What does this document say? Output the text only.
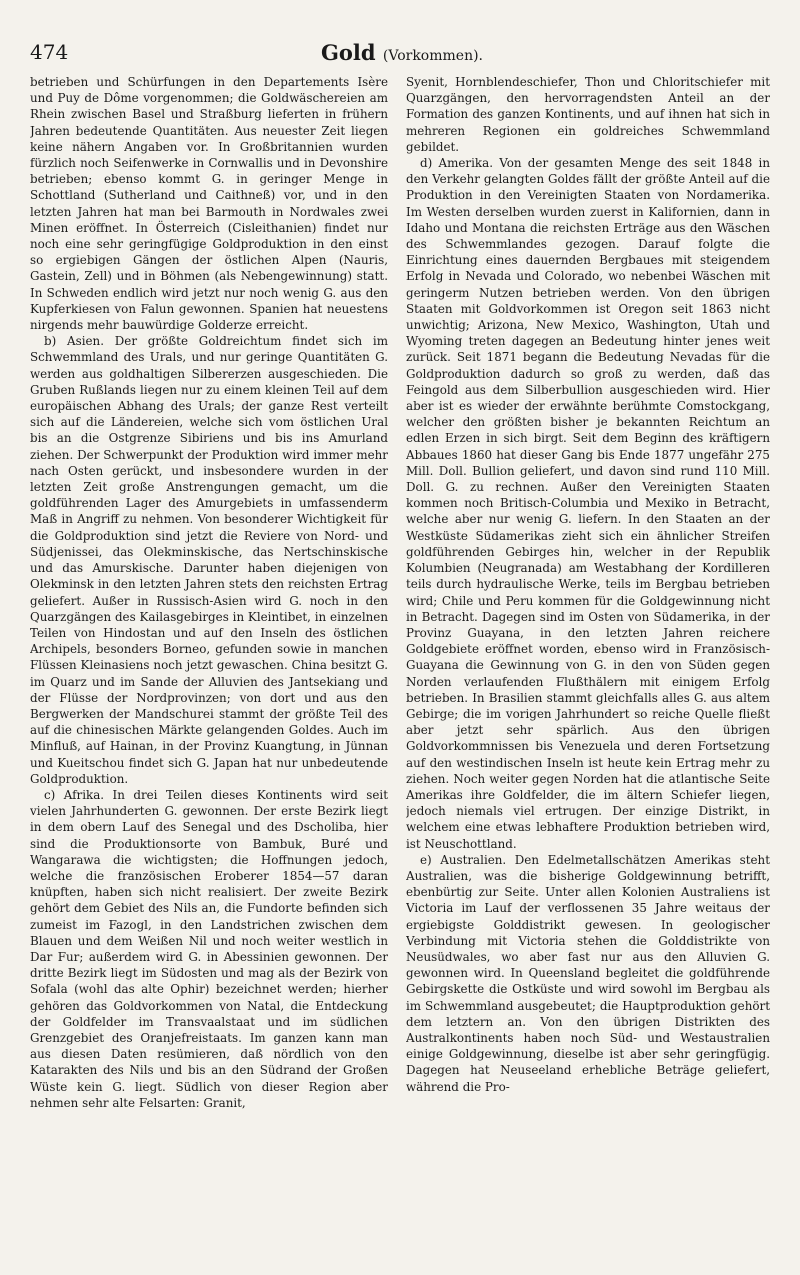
474	Gold (Vorkommen).

betrieben und Schürfungen in den Departements Isère und Puy de Dôme vorgenommen; die Goldwäschereien am Rhein zwischen Basel und Straßburg lieferten in frühern Jahren bedeutende Quantitäten. Aus neuester Zeit liegen keine nähern Angaben vor. In Großbritannien wurden fürzlich noch Seifenwerke in Cornwallis und in Devonshire betrieben; ebenso kommt G. in geringer Menge in Schottland (Sutherland und Caithneß) vor, und in den letzten Jahren hat man bei Barmouth in Nordwales zwei Minen eröffnet. In Österreich (Cisleithanien) findet nur noch eine sehr geringfügige Goldproduktion in den einst so ergiebigen Gängen der östlichen Alpen (Nauris, Gastein, Zell) und in Böhmen (als Nebengewinnung) statt. In Schweden endlich wird jetzt nur noch wenig G. aus den Kupferkiesen von Falun gewonnen. Spanien hat neuestens nirgends mehr bauwürdige Golderze erreicht.

b) Asien. Der größte Goldreichtum findet sich im Schwemmland des Urals, und nur geringe Quantitäten G. werden aus goldhaltigen Silbererzen ausgeschieden. Die Gruben Rußlands liegen nur zu einem kleinen Teil auf dem europäischen Abhang des Urals; der ganze Rest verteilt sich auf die Ländereien, welche sich vom östlichen Ural bis an die Ostgrenze Sibiriens und bis ins Amurland ziehen. Der Schwerpunkt der Produktion wird immer mehr nach Osten gerückt, und insbesondere wurden in der letzten Zeit große Anstrengungen gemacht, um die goldführenden Lager des Amurgebiets in umfassenderm Maß in Angriff zu nehmen. Von besonderer Wichtigkeit für die Goldproduktion sind jetzt die Reviere von Nord- und Südjenissei, das Olekminskische, das Nertschinskische und das Amurskische. Darunter haben diejenigen von Olekminsk in den letzten Jahren stets den reichsten Ertrag geliefert. Außer in Russisch-Asien wird G. noch in den Quarzgängen des Kailasgebirges in Kleintibet, in einzelnen Teilen von Hindostan und auf den Inseln des östlichen Archipels, besonders Borneo, gefunden sowie in manchen Flüssen Kleinasiens noch jetzt gewaschen. China besitzt G. im Quarz und im Sande der Alluvien des Jantsekiang und der Flüsse der Nordprovinzen; von dort und aus den Bergwerken der Mandschurei stammt der größte Teil des auf die chinesischen Märkte gelangenden Goldes. Auch im Minfluß, auf Hainan, in der Provinz Kuangtung, in Jünnan und Kueitschou findet sich G. Japan hat nur unbedeutende Goldproduktion.

c) Afrika. In drei Teilen dieses Kontinents wird seit vielen Jahrhunderten G. gewonnen. Der erste Bezirk liegt in dem obern Lauf des Senegal und des Dscholiba, hier sind die Produktionsorte von Bambuk, Buré und Wangarawa die wichtigsten; die Hoffnungen jedoch, welche die französischen Eroberer 1854—57 daran knüpften, haben sich nicht realisiert. Der zweite Bezirk gehört dem Gebiet des Nils an, die Fundorte befinden sich zumeist im Fazogl, in den Landstrichen zwischen dem Blauen und dem Weißen Nil und noch weiter westlich in Dar Fur; außerdem wird G. in Abessinien gewonnen. Der dritte Bezirk liegt im Südosten und mag als der Bezirk von Sofala (wohl das alte Ophir) bezeichnet werden; hierher gehören das Goldvorkommen von Natal, die Entdeckung der Goldfelder im Transvaalstaat und im südlichen Grenzgebiet des Oranjefreistaats. Im ganzen kann man aus diesen Daten resümieren, daß nördlich von den Katarakten des Nils und bis an den Südrand der Großen Wüste kein G. liegt. Südlich von dieser Region aber nehmen sehr alte Felsarten: Granit,

Syenit, Hornblendeschiefer, Thon und Chloritschiefer mit Quarzgängen, den hervorragendsten Anteil an der Formation des ganzen Kontinents, und auf ihnen hat sich in mehreren Regionen ein goldreiches Schwemmland gebildet.

d) Amerika. Von der gesamten Menge des seit 1848 in den Verkehr gelangten Goldes fällt der größte Anteil auf die Produktion in den Vereinigten Staaten von Nordamerika. Im Westen derselben wurden zuerst in Kalifornien, dann in Idaho und Montana die reichsten Erträge aus den Wäschen des Schwemmlandes gezogen. Darauf folgte die Einrichtung eines dauernden Bergbaues mit steigendem Erfolg in Nevada und Colorado, wo nebenbei Wäschen mit geringerm Nutzen betrieben werden. Von den übrigen Staaten mit Goldvorkommen ist Oregon seit 1863 nicht unwichtig; Arizona, New Mexico, Washington, Utah und Wyoming treten dagegen an Bedeutung hinter jenes weit zurück. Seit 1871 begann die Bedeutung Nevadas für die Goldproduktion dadurch so groß zu werden, daß das Feingold aus dem Silberbullion ausgeschieden wird. Hier aber ist es wieder der erwähnte berühmte Comstockgang, welcher den größten bisher je bekannten Reichtum an edlen Erzen in sich birgt. Seit dem Beginn des kräftigern Abbaues 1860 hat dieser Gang bis Ende 1877 ungefähr 275 Mill. Doll. Bullion geliefert, und davon sind rund 110 Mill. Doll. G. zu rechnen. Außer den Vereinigten Staaten kommen noch Britisch-Columbia und Mexiko in Betracht, welche aber nur wenig G. liefern. In den Staaten an der Westküste Südamerikas zieht sich ein ähnlicher Streifen goldführenden Gebirges hin, welcher in der Republik Kolumbien (Neugranada) am Westabhang der Kordilleren teils durch hydraulische Werke, teils im Bergbau betrieben wird; Chile und Peru kommen für die Goldgewinnung nicht in Betracht. Dagegen sind im Osten von Südamerika, in der Provinz Guayana, in den letzten Jahren reichere Goldgebiete eröffnet worden, ebenso wird in Französisch-Guayana die Gewinnung von G. in den von Süden gegen Norden verlaufenden Flußthälern mit einigem Erfolg betrieben. In Brasilien stammt gleichfalls alles G. aus altem Gebirge; die im vorigen Jahrhundert so reiche Quelle fließt aber jetzt sehr spärlich. Aus den übrigen Goldvorkommnissen bis Venezuela und deren Fortsetzung auf den westindischen Inseln ist heute kein Ertrag mehr zu ziehen. Noch weiter gegen Norden hat die atlantische Seite Amerikas ihre Goldfelder, die im ältern Schiefer liegen, jedoch niemals viel ertrugen. Der einzige Distrikt, in welchem eine etwas lebhaftere Produktion betrieben wird, ist Neuschottland.

e) Australien. Den Edelmetallschätzen Amerikas steht Australien, was die bisherige Goldgewinnung betrifft, ebenbürtig zur Seite. Unter allen Kolonien Australiens ist Victoria im Lauf der verflossenen 35 Jahre weitaus der ergiebigste Golddistrikt gewesen. In geologischer Verbindung mit Victoria stehen die Golddistrikte von Neusüdwales, wo aber fast nur aus den Alluvien G. gewonnen wird. In Queensland begleitet die goldführende Gebirgskette die Ostküste und wird sowohl im Bergbau als im Schwemmland ausgebeutet; die Hauptproduktion gehört dem letztern an. Von den übrigen Distrikten des Australkontinents haben noch Süd- und Westaustralien einige Goldgewinnung, dieselbe ist aber sehr geringfügig. Dagegen hat Neuseeland erhebliche Beträge geliefert, während die Pro-
